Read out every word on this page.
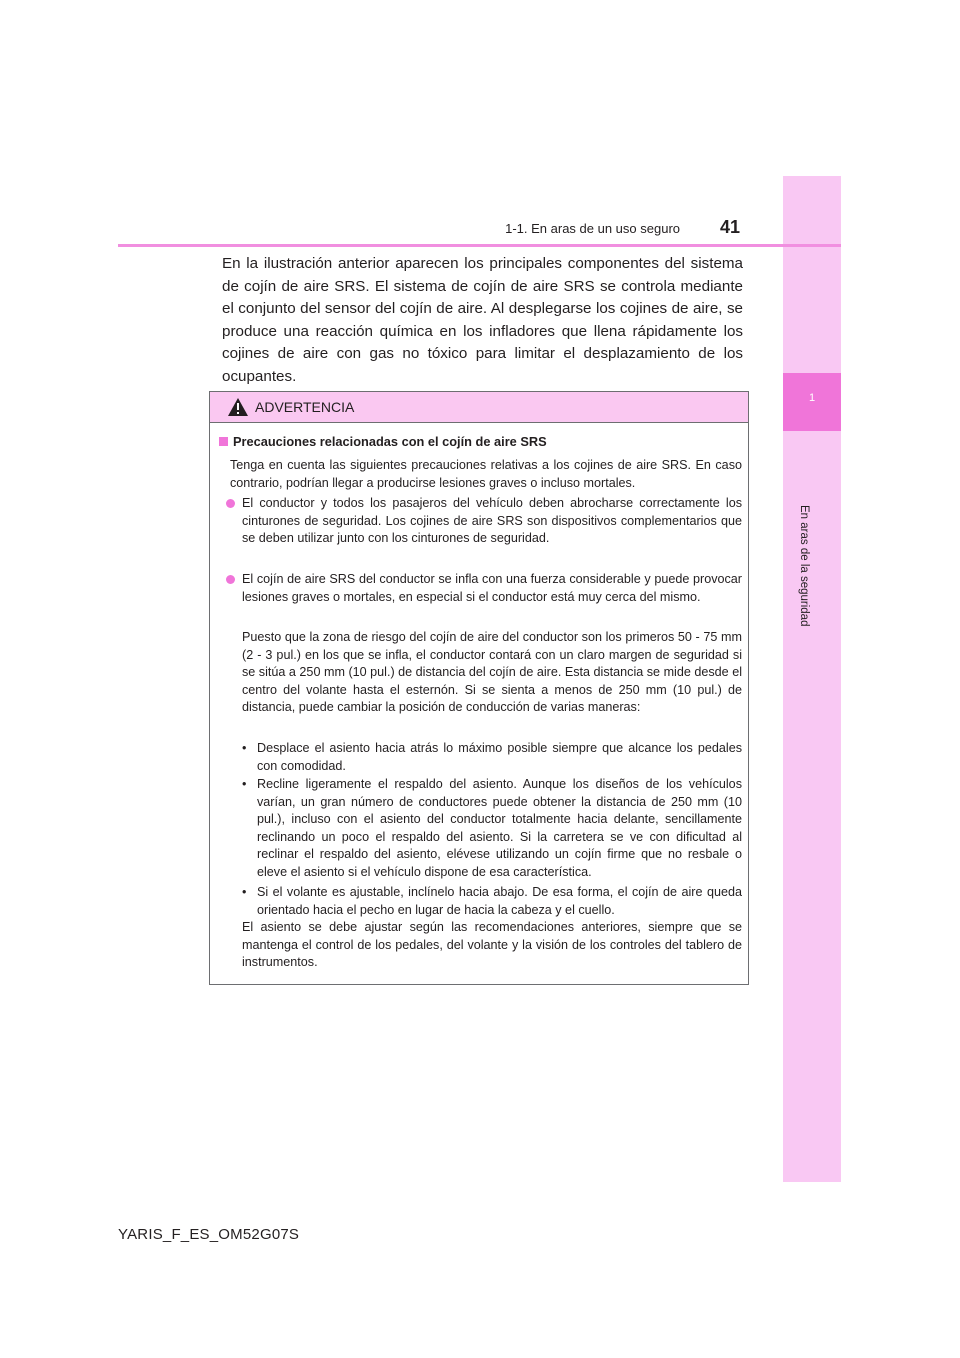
1
En aras de la seguridad
1-1. En aras de un uso seguro 41
En la ilustración anterior aparecen los principales componentes del sistema de cojín de aire SRS. El sistema de cojín de aire SRS se controla mediante el conjunto del sensor del cojín de aire. Al desplegarse los cojines de aire, se produce una reacción química en los infladores que llena rápidamente los cojines de aire con gas no tóxico para limitar el desplazamiento de los ocupantes.
ADVERTENCIA
Precauciones relacionadas con el cojín de aire SRS
Tenga en cuenta las siguientes precauciones relativas a los cojines de aire SRS. En caso contrario, podrían llegar a producirse lesiones graves o incluso mortales.
El conductor y todos los pasajeros del vehículo deben abrocharse correctamente los cinturones de seguridad. Los cojines de aire SRS son dispositivos complementarios que se deben utilizar junto con los cinturones de seguridad.
El cojín de aire SRS del conductor se infla con una fuerza considerable y puede provocar lesiones graves o mortales, en especial si el conductor está muy cerca del mismo.
Puesto que la zona de riesgo del cojín de aire del conductor son los primeros 50 - 75 mm (2 - 3 pul.) en los que se infla, el conductor contará con un claro margen de seguridad si se sitúa a 250 mm (10 pul.) de distancia del cojín de aire. Esta distancia se mide desde el centro del volante hasta el esternón. Si se sienta a menos de 250 mm (10 pul.) de distancia, puede cambiar la posición de conducción de varias maneras:
• Desplace el asiento hacia atrás lo máximo posible siempre que alcance los pedales con comodidad.
• Recline ligeramente el respaldo del asiento. Aunque los diseños de los vehículos varían, un gran número de conductores puede obtener la distancia de 250 mm (10 pul.), incluso con el asiento del conductor totalmente hacia delante, sencillamente reclinando un poco el respaldo del asiento. Si la carretera se ve con dificultad al reclinar el respaldo del asiento, elévese utilizando un cojín firme que no resbale o eleve el asiento si el vehículo dispone de esa característica.
• Si el volante es ajustable, inclínelo hacia abajo. De esa forma, el cojín de aire queda orientado hacia el pecho en lugar de hacia la cabeza y el cuello.
El asiento se debe ajustar según las recomendaciones anteriores, siempre que se mantenga el control de los pedales, del volante y la visión de los controles del tablero de instrumentos.
YARIS_F_ES_OM52G07S
